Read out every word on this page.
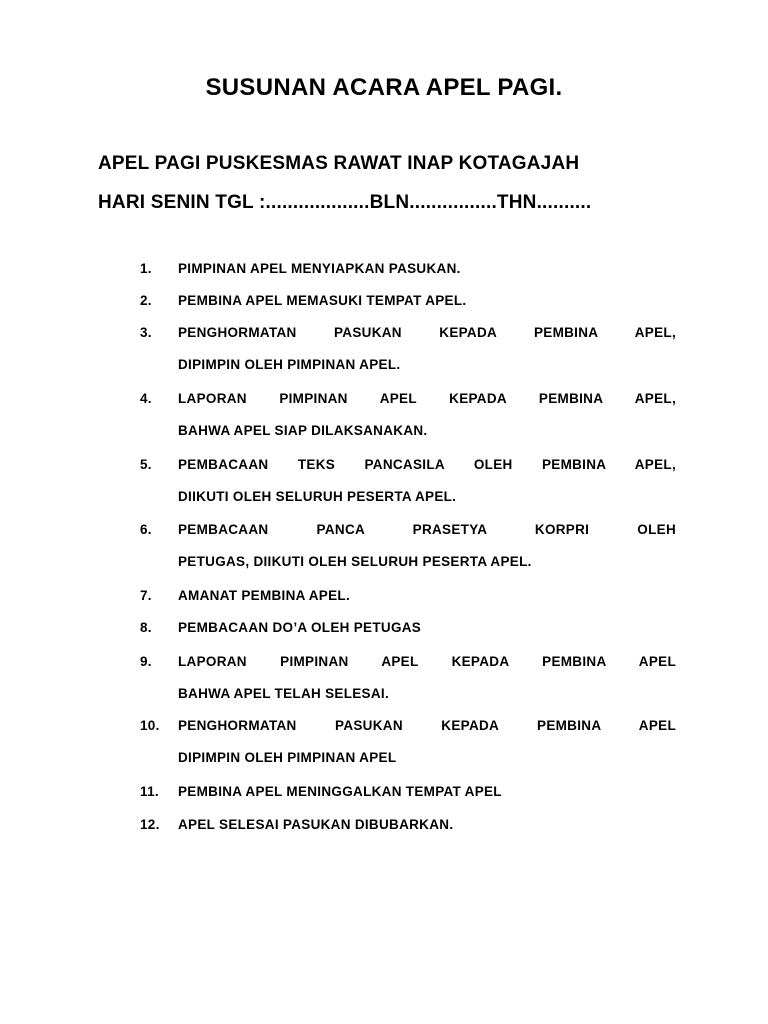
SUSUNAN ACARA APEL PAGI.
APEL PAGI PUSKESMAS RAWAT INAP KOTAGAJAH
HARI SENIN TGL :...................BLN................THN..........
1.	PIMPINAN APEL MENYIAPKAN PASUKAN.
2.	PEMBINA APEL MEMASUKI TEMPAT APEL.
3.	PENGHORMATAN PASUKAN KEPADA PEMBINA APEL,
DIPIMPIN OLEH PIMPINAN APEL.
4.	LAPORAN PIMPINAN APEL KEPADA PEMBINA APEL,
BAHWA APEL SIAP DILAKSANAKAN.
5.	PEMBACAAN TEKS PANCASILA OLEH PEMBINA APEL,
DIIKUTI OLEH SELURUH PESERTA APEL.
6.	PEMBACAAN PANCA PRASETYA KORPRI OLEH
PETUGAS, DIIKUTI OLEH SELURUH PESERTA APEL.
7.	AMANAT PEMBINA APEL.
8.	PEMBACAAN DO’A OLEH PETUGAS
9.	LAPORAN PIMPINAN APEL KEPADA PEMBINA APEL
BAHWA APEL TELAH SELESAI.
10.	PENGHORMATAN PASUKAN KEPADA PEMBINA APEL
DIPIMPIN OLEH PIMPINAN APEL
11.	PEMBINA APEL MENINGGALKAN TEMPAT APEL
12.	APEL SELESAI PASUKAN DIBUBARKAN.
